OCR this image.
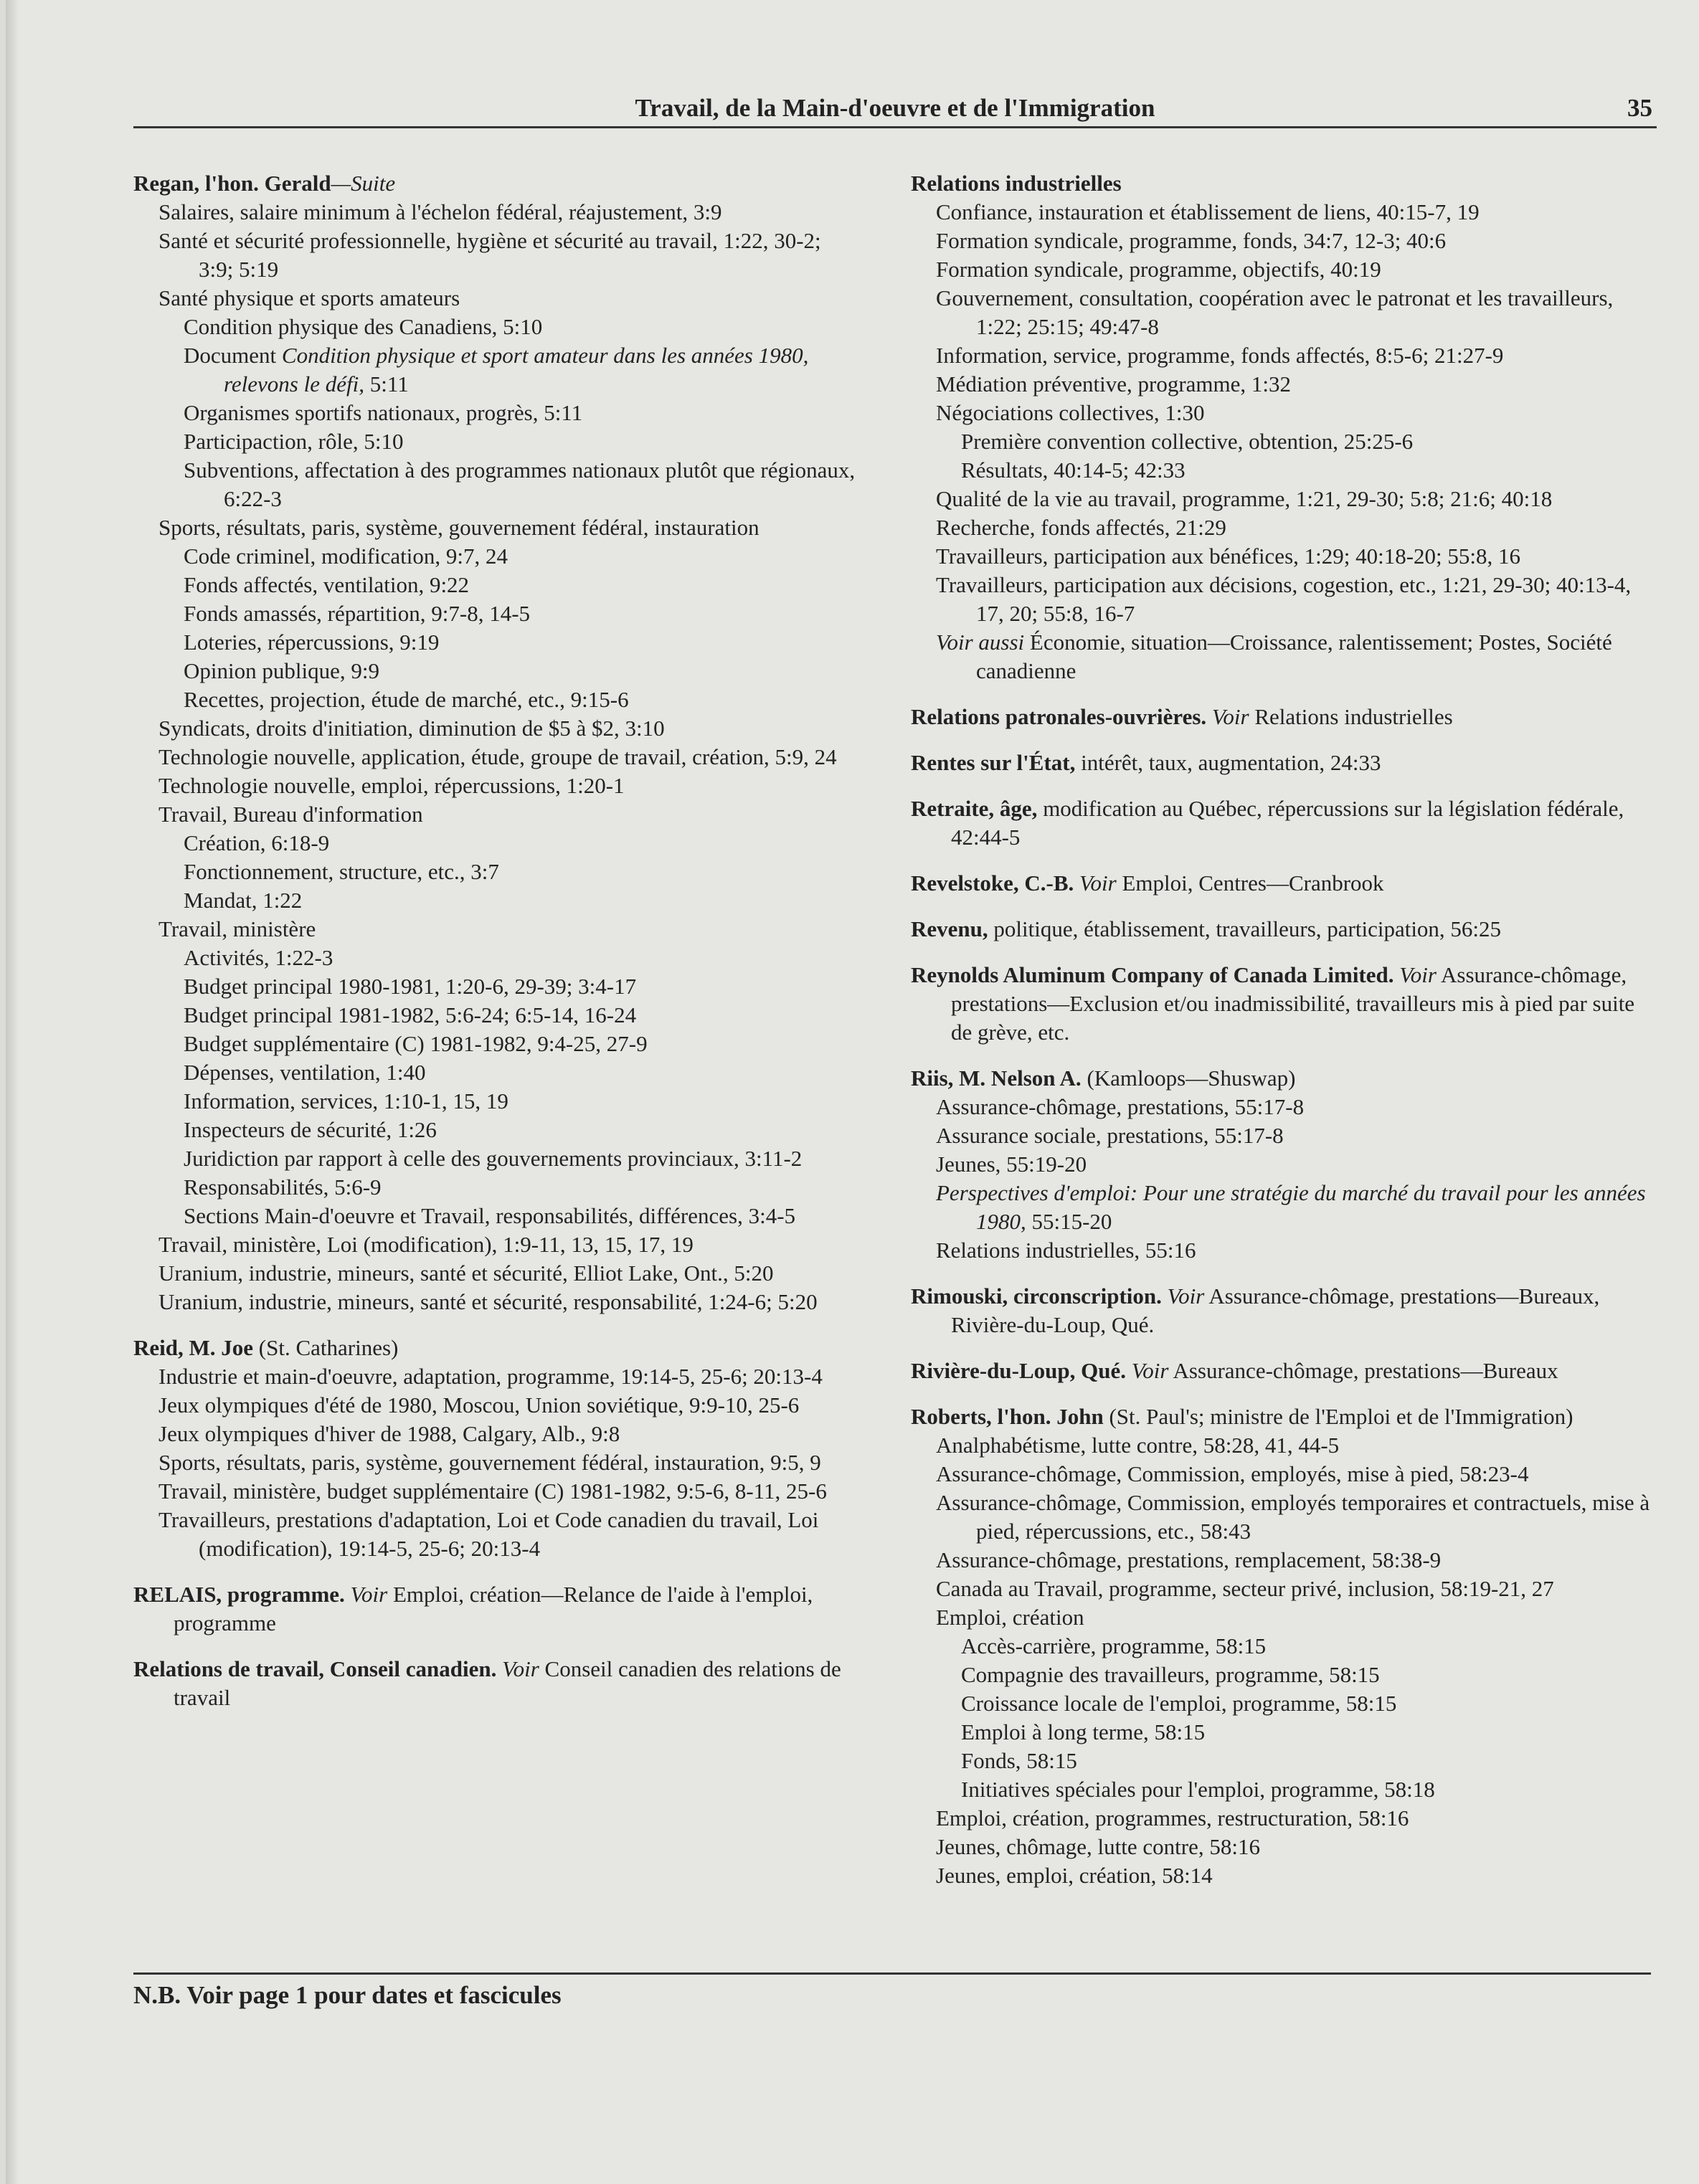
Travail, de la Main-d'oeuvre et de l'Immigration	35
Regan, l'hon. Gerald—Suite
Salaires, salaire minimum à l'échelon fédéral, réajustement, 3:9
Santé et sécurité professionnelle, hygiène et sécurité au travail, 1:22, 30-2; 3:9; 5:19
Santé physique et sports amateurs
Condition physique des Canadiens, 5:10
Document Condition physique et sport amateur dans les années 1980, relevons le défi, 5:11
Organismes sportifs nationaux, progrès, 5:11
Participaction, rôle, 5:10
Subventions, affectation à des programmes nationaux plutôt que régionaux, 6:22-3
Sports, résultats, paris, système, gouvernement fédéral, instauration
Code criminel, modification, 9:7, 24
Fonds affectés, ventilation, 9:22
Fonds amassés, répartition, 9:7-8, 14-5
Loteries, répercussions, 9:19
Opinion publique, 9:9
Recettes, projection, étude de marché, etc., 9:15-6
Syndicats, droits d'initiation, diminution de $5 à $2, 3:10
Technologie nouvelle, application, étude, groupe de travail, création, 5:9, 24
Technologie nouvelle, emploi, répercussions, 1:20-1
Travail, Bureau d'information
Création, 6:18-9
Fonctionnement, structure, etc., 3:7
Mandat, 1:22
Travail, ministère
Activités, 1:22-3
Budget principal 1980-1981, 1:20-6, 29-39; 3:4-17
Budget principal 1981-1982, 5:6-24; 6:5-14, 16-24
Budget supplémentaire (C) 1981-1982, 9:4-25, 27-9
Dépenses, ventilation, 1:40
Information, services, 1:10-1, 15, 19
Inspecteurs de sécurité, 1:26
Juridiction par rapport à celle des gouvernements provinciaux, 3:11-2
Responsabilités, 5:6-9
Sections Main-d'oeuvre et Travail, responsabilités, différences, 3:4-5
Travail, ministère, Loi (modification), 1:9-11, 13, 15, 17, 19
Uranium, industrie, mineurs, santé et sécurité, Elliot Lake, Ont., 5:20
Uranium, industrie, mineurs, santé et sécurité, responsabilité, 1:24-6; 5:20
Reid, M. Joe (St. Catharines)
Industrie et main-d'oeuvre, adaptation, programme, 19:14-5, 25-6; 20:13-4
Jeux olympiques d'été de 1980, Moscou, Union soviétique, 9:9-10, 25-6
Jeux olympiques d'hiver de 1988, Calgary, Alb., 9:8
Sports, résultats, paris, système, gouvernement fédéral, instauration, 9:5, 9
Travail, ministère, budget supplémentaire (C) 1981-1982, 9:5-6, 8-11, 25-6
Travailleurs, prestations d'adaptation, Loi et Code canadien du travail, Loi (modification), 19:14-5, 25-6; 20:13-4
RELAIS, programme. Voir Emploi, création—Relance de l'aide à l'emploi, programme
Relations de travail, Conseil canadien. Voir Conseil canadien des relations de travail
Relations industrielles
Confiance, instauration et établissement de liens, 40:15-7, 19
Formation syndicale, programme, fonds, 34:7, 12-3; 40:6
Formation syndicale, programme, objectifs, 40:19
Gouvernement, consultation, coopération avec le patronat et les travailleurs, 1:22; 25:15; 49:47-8
Information, service, programme, fonds affectés, 8:5-6; 21:27-9
Médiation préventive, programme, 1:32
Négociations collectives, 1:30
Première convention collective, obtention, 25:25-6
Résultats, 40:14-5; 42:33
Qualité de la vie au travail, programme, 1:21, 29-30; 5:8; 21:6; 40:18
Recherche, fonds affectés, 21:29
Travailleurs, participation aux bénéfices, 1:29; 40:18-20; 55:8, 16
Travailleurs, participation aux décisions, cogestion, etc., 1:21, 29-30; 40:13-4, 17, 20; 55:8, 16-7
Voir aussi Économie, situation—Croissance, ralentissement; Postes, Société canadienne
Relations patronales-ouvrières. Voir Relations industrielles
Rentes sur l'État, intérêt, taux, augmentation, 24:33
Retraite, âge, modification au Québec, répercussions sur la législation fédérale, 42:44-5
Revelstoke, C.-B. Voir Emploi, Centres—Cranbrook
Revenu, politique, établissement, travailleurs, participation, 56:25
Reynolds Aluminum Company of Canada Limited. Voir Assurance-chômage, prestations—Exclusion et/ou inadmissibilité, travailleurs mis à pied par suite de grève, etc.
Riis, M. Nelson A. (Kamloops—Shuswap)
Assurance-chômage, prestations, 55:17-8
Assurance sociale, prestations, 55:17-8
Jeunes, 55:19-20
Perspectives d'emploi: Pour une stratégie du marché du travail pour les années 1980, 55:15-20
Relations industrielles, 55:16
Rimouski, circonscription. Voir Assurance-chômage, prestations—Bureaux, Rivière-du-Loup, Qué.
Rivière-du-Loup, Qué. Voir Assurance-chômage, prestations—Bureaux
Roberts, l'hon. John (St. Paul's; ministre de l'Emploi et de l'Immigration)
Analphabétisme, lutte contre, 58:28, 41, 44-5
Assurance-chômage, Commission, employés, mise à pied, 58:23-4
Assurance-chômage, Commission, employés temporaires et contractuels, mise à pied, répercussions, etc., 58:43
Assurance-chômage, prestations, remplacement, 58:38-9
Canada au Travail, programme, secteur privé, inclusion, 58:19-21, 27
Emploi, création
Accès-carrière, programme, 58:15
Compagnie des travailleurs, programme, 58:15
Croissance locale de l'emploi, programme, 58:15
Emploi à long terme, 58:15
Fonds, 58:15
Initiatives spéciales pour l'emploi, programme, 58:18
Emploi, création, programmes, restructuration, 58:16
Jeunes, chômage, lutte contre, 58:16
Jeunes, emploi, création, 58:14
N.B. Voir page 1 pour dates et fascicules
